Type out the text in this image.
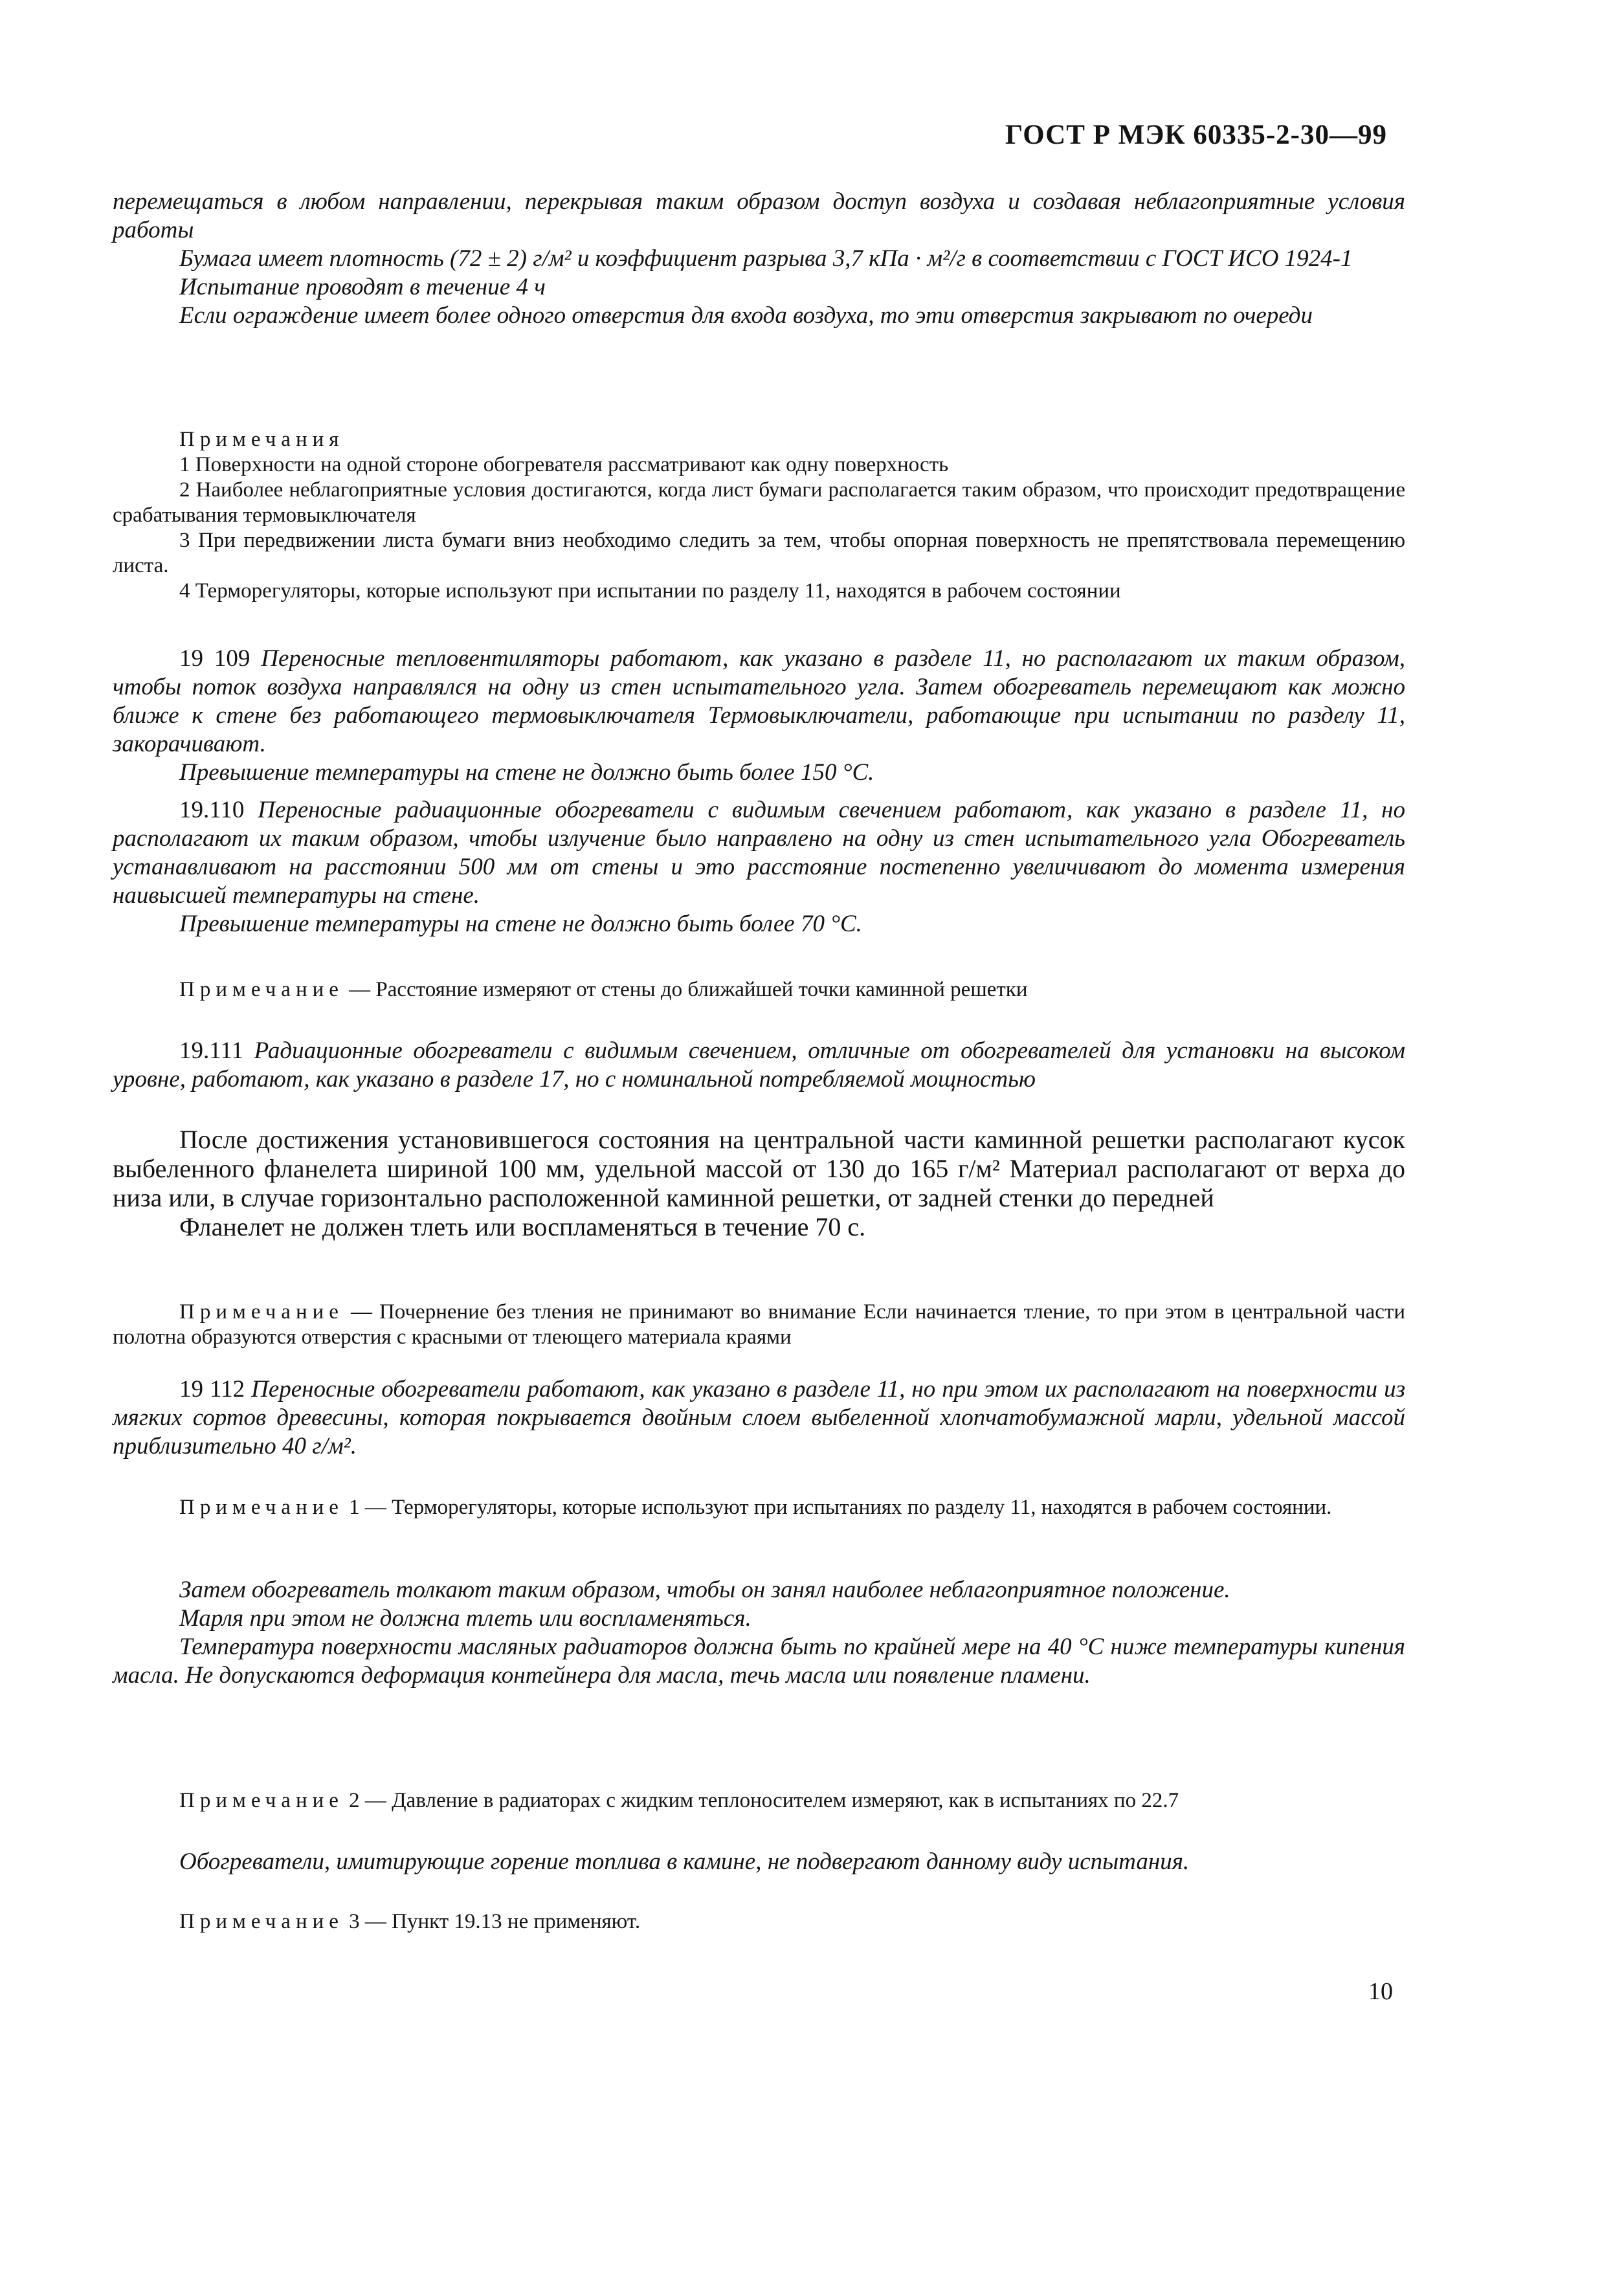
ГОСТ Р МЭК 60335-2-30—99
перемещаться в любом направлении, перекрывая таким образом доступ воздуха и создавая неблагоприятные условия работы
Бумага имеет плотность (72 ± 2) г/м² и коэффициент разрыва 3,7 кПа · м²/г в соответствии с ГОСТ ИСО 1924-1
Испытание проводят в течение 4 ч
Если ограждение имеет более одного отверстия для входа воздуха, то эти отверстия закрывают по очереди
Примечания
1 Поверхности на одной стороне обогревателя рассматривают как одну поверхность
2 Наиболее неблагоприятные условия достигаются, когда лист бумаги располагается таким образом, что происходит предотвращение срабатывания термовыключателя
3 При передвижении листа бумаги вниз необходимо следить за тем, чтобы опорная поверхность не препятствовала перемещению листа.
4 Терморегуляторы, которые используют при испытании по разделу 11, находятся в рабочем состоянии
19 109 Переносные тепловентиляторы работают, как указано в разделе 11, но располагают их таким образом, чтобы поток воздуха направлялся на одну из стен испытательного угла. Затем обогреватель перемещают как можно ближе к стене без работающего термовыключателя Термовыключатели, работающие при испытании по разделу 11, закорачивают.
Превышение температуры на стене не должно быть более 150 °С.
19.110 Переносные радиационные обогреватели с видимым свечением работают, как указано в разделе 11, но располагают их таким образом, чтобы излучение было направлено на одну из стен испытательного угла Обогреватель устанавливают на расстоянии 500 мм от стены и это расстояние постепенно увеличивают до момента измерения наивысшей температуры на стене.
Превышение температуры на стене не должно быть более 70 °С.
Примечание — Расстояние измеряют от стены до ближайшей точки каминной решетки
19.111 Радиационные обогреватели с видимым свечением, отличные от обогревателей для установки на высоком уровне, работают, как указано в разделе 17, но с номинальной потребляемой мощностью
После достижения установившегося состояния на центральной части каминной решетки располагают кусок выбеленного фланелета шириной 100 мм, удельной массой от 130 до 165 г/м² Материал располагают от верха до низа или, в случае горизонтально расположенной каминной решетки, от задней стенки до передней
Фланелет не должен тлеть или воспламеняться в течение 70 с.
Примечание — Почернение без тления не принимают во внимание Если начинается тление, то при этом в центральной части полотна образуются отверстия с красными от тлеющего материала краями
19 112 Переносные обогреватели работают, как указано в разделе 11, но при этом их располагают на поверхности из мягких сортов древесины, которая покрывается двойным слоем выбеленной хлопчатобумажной марли, удельной массой приблизительно 40 г/м².
Примечание 1 — Терморегуляторы, которые используют при испытаниях по разделу 11, находятся в рабочем состоянии.
Затем обогреватель толкают таким образом, чтобы он занял наиболее неблагоприятное положение.
Марля при этом не должна тлеть или воспламеняться.
Температура поверхности масляных радиаторов должна быть по крайней мере на 40 °С ниже температуры кипения масла. Не допускаются деформация контейнера для масла, течь масла или появление пламени.
Примечание 2 — Давление в радиаторах с жидким теплоносителем измеряют, как в испытаниях по 22.7
Обогреватели, имитирующие горение топлива в камине, не подвергают данному виду испытания.
Примечание 3 — Пункт 19.13 не применяют.
10
